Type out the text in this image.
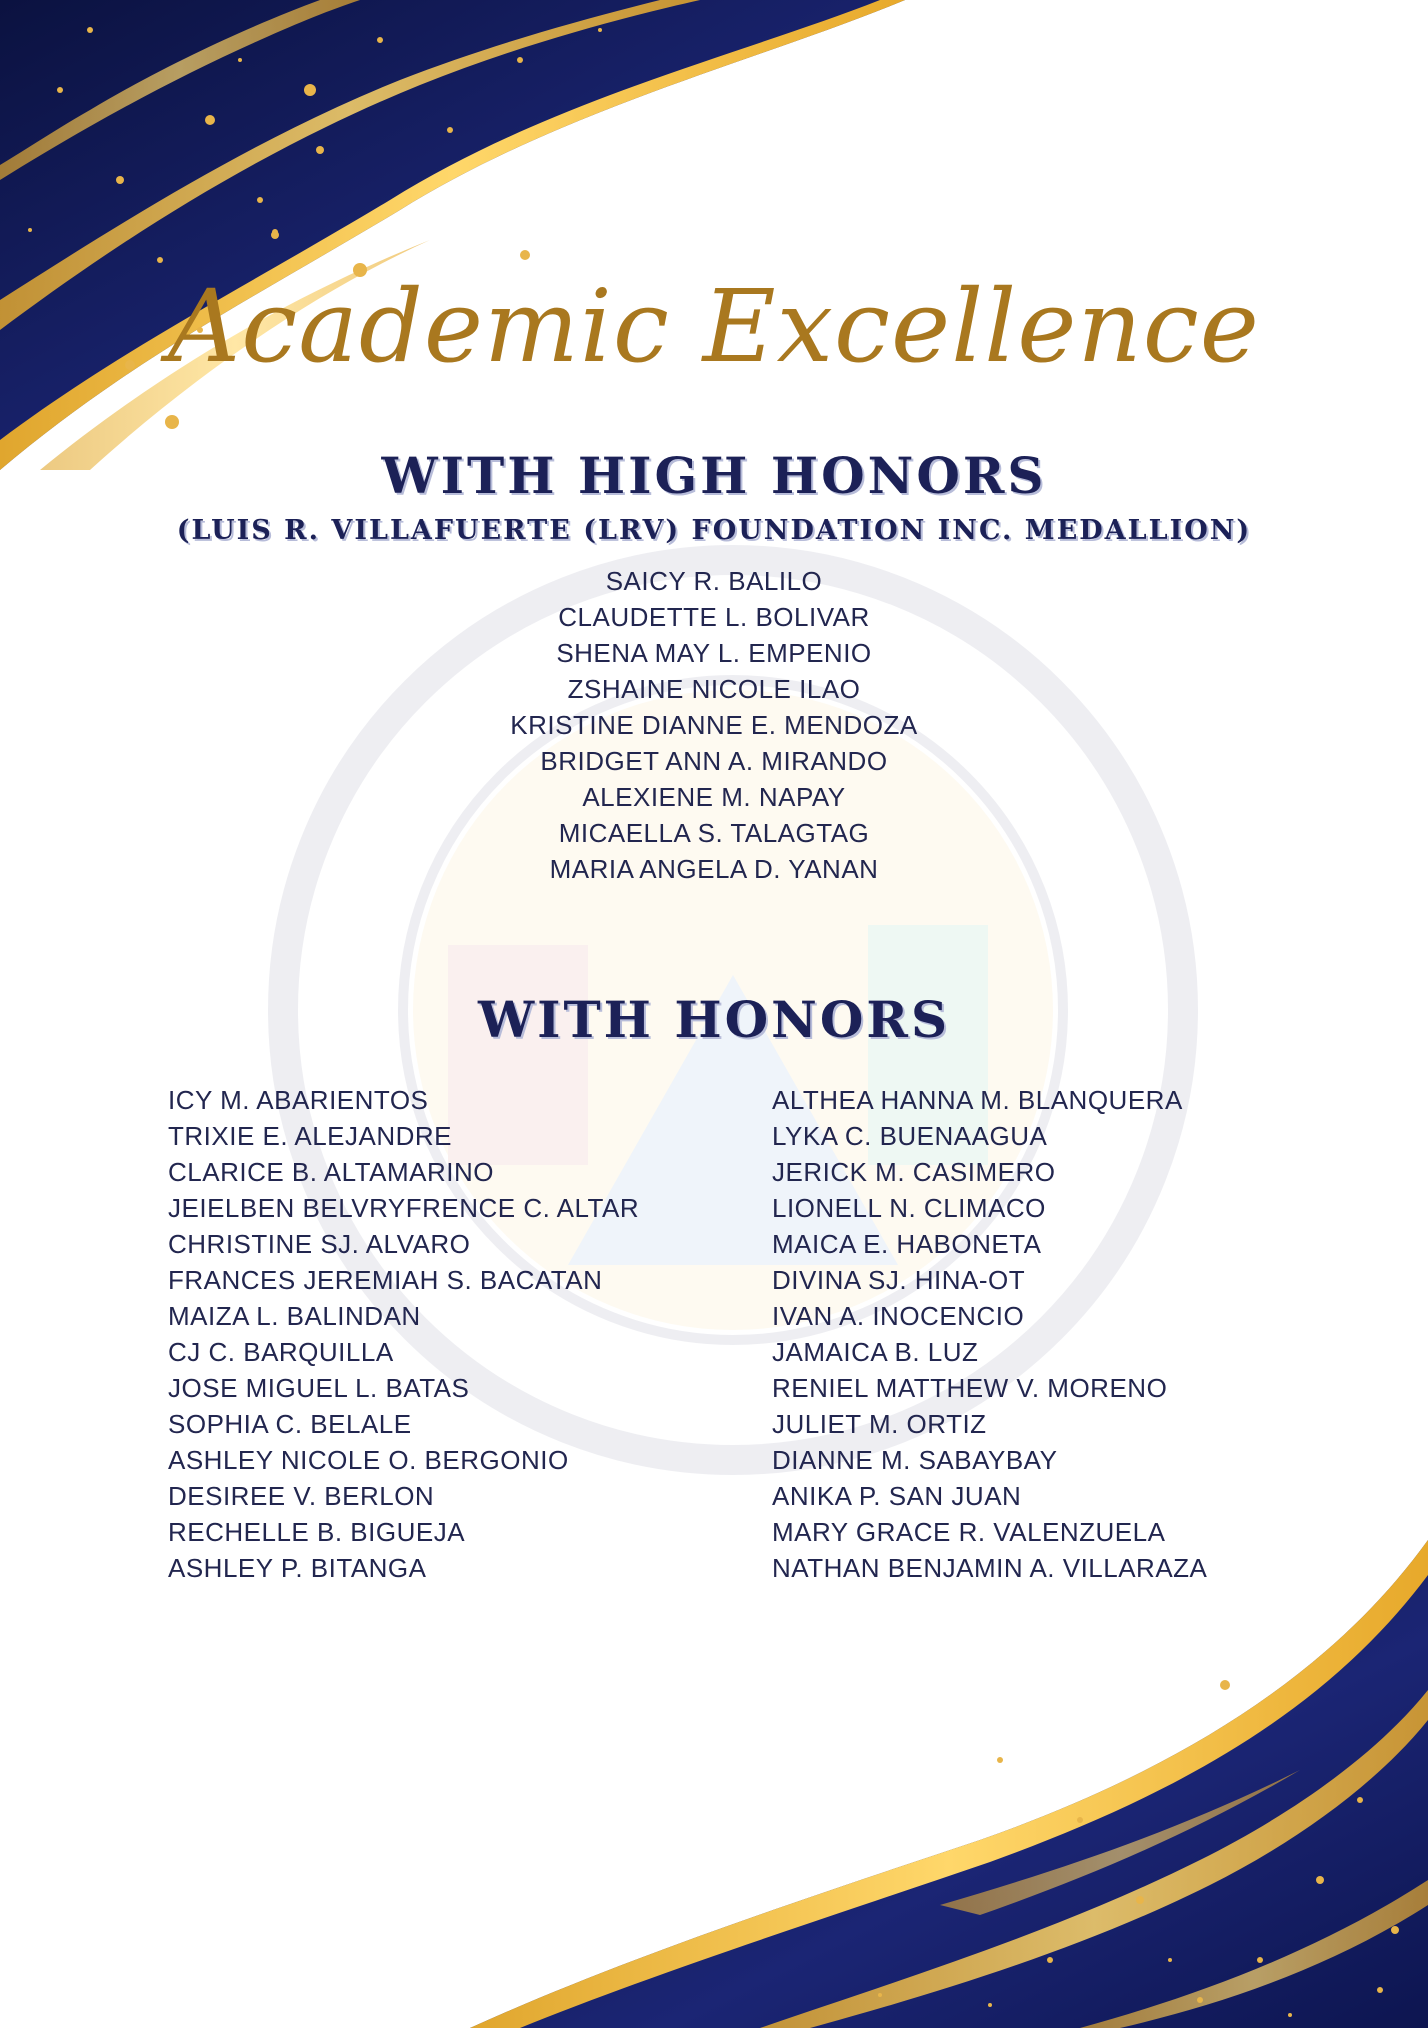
Academic Excellence
WITH HIGH HONORS
(LUIS R. VILLAFUERTE (LRV) FOUNDATION INC. MEDALLION)
SAICY R. BALILO
CLAUDETTE L. BOLIVAR
SHENA MAY L. EMPENIO
ZSHAINE NICOLE ILAO
KRISTINE DIANNE E. MENDOZA
BRIDGET ANN A. MIRANDO
ALEXIENE M. NAPAY
MICAELLA S. TALAGTAG
MARIA ANGELA D. YANAN
WITH HONORS
ICY M. ABARIENTOS
TRIXIE E. ALEJANDRE
CLARICE B. ALTAMARINO
JEIELBEN BELVRYFRENCE C. ALTAR
CHRISTINE SJ. ALVARO
FRANCES JEREMIAH S. BACATAN
MAIZA L. BALINDAN
CJ C. BARQUILLA
JOSE MIGUEL L. BATAS
SOPHIA C. BELALE
ASHLEY NICOLE O. BERGONIO
DESIREE V. BERLON
RECHELLE B. BIGUEJA
ASHLEY P. BITANGA
ALTHEA HANNA M. BLANQUERA
LYKA C. BUENAAGUA
JERICK M. CASIMERO
LIONELL N. CLIMACO
MAICA E. HABONETA
DIVINA SJ. HINA-OT
IVAN A. INOCENCIO
JAMAICA B. LUZ
RENIEL MATTHEW V. MORENO
JULIET M. ORTIZ
DIANNE M. SABAYBAY
ANIKA P. SAN JUAN
MARY GRACE R. VALENZUELA
NATHAN BENJAMIN A. VILLARAZA
